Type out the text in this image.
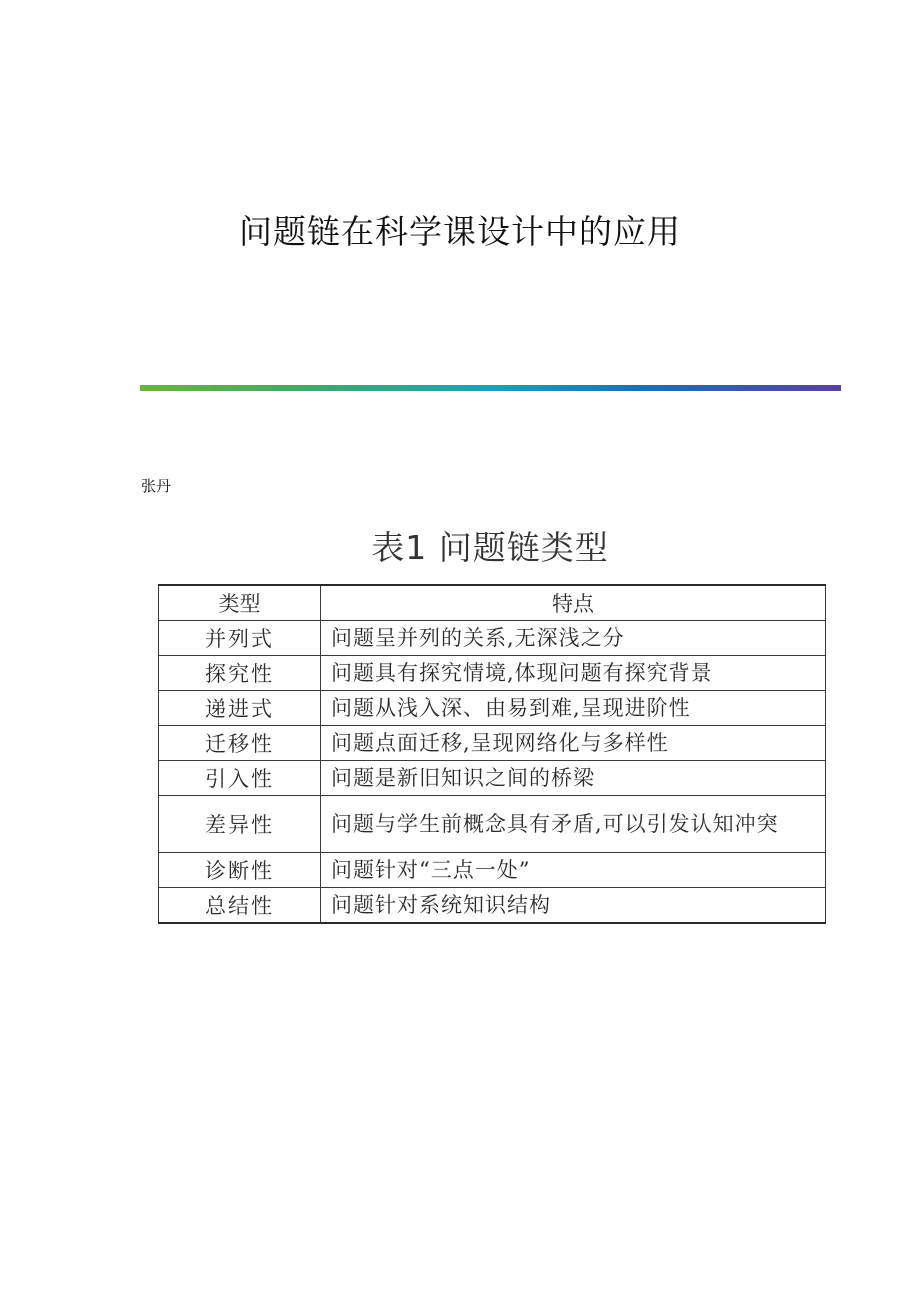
问题链在科学课设计中的应用
张丹
表1 问题链类型
类型	特点
并列式	问题呈并列的关系,无深浅之分
探究性	问题具有探究情境,体现问题有探究背景
递进式	问题从浅入深、由易到难,呈现进阶性
迁移性	问题点面迁移,呈现网络化与多样性
引入性	问题是新旧知识之间的桥梁
差异性	问题与学生前概念具有矛盾,可以引发认知冲突
诊断性	问题针对“三点一处”
总结性	问题针对系统知识结构
